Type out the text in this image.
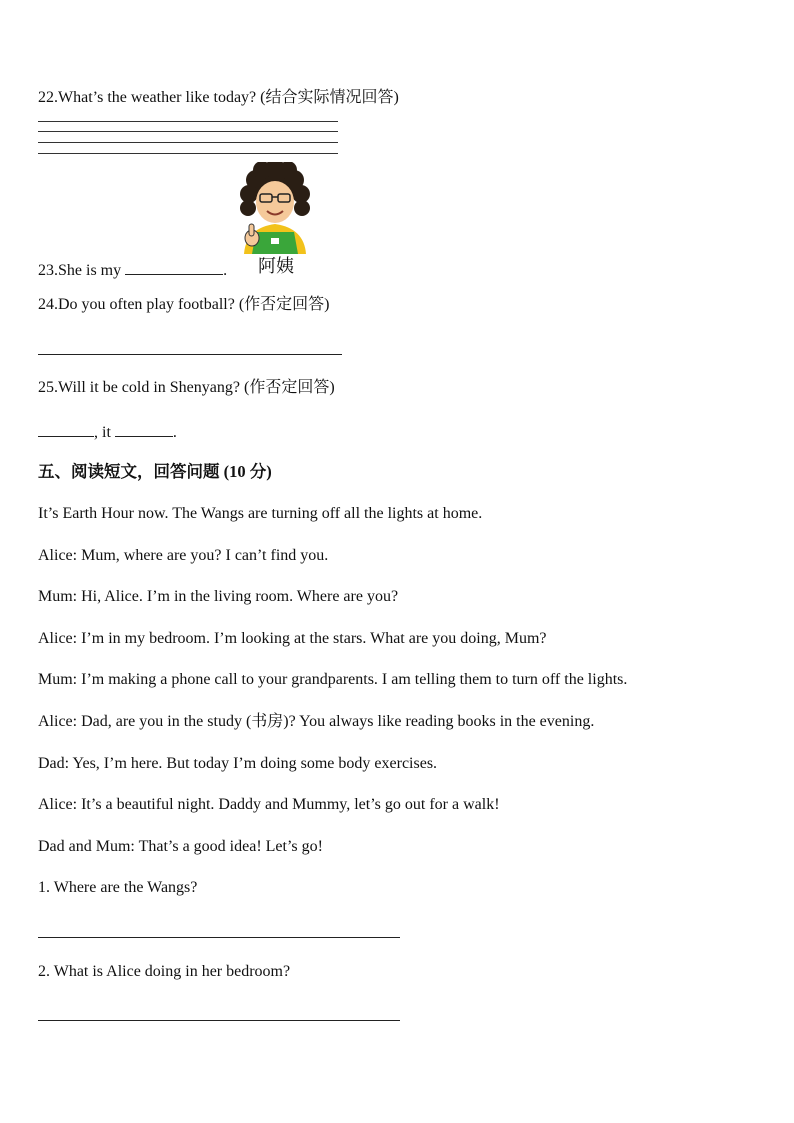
22.What’s the weather like today? (结合实际情况回答)
阿姨
23.She is my	.
24.Do you often play football? (作否定回答)
25.Will it be cold in Shenyang? (作否定回答)
, it	.
五、阅读短文，回答问题 (10 分)
It’s Earth Hour now. The Wangs are turning off all the lights at home.
Alice: Mum, where are you? I can’t find you.
Mum: Hi, Alice. I’m in the living room. Where are you?
Alice: I’m in my bedroom. I’m looking at the stars. What are you doing, Mum?
Mum: I’m making a phone call to your grandparents. I am telling them to turn off the lights.
Alice: Dad, are you in the study (书房)? You always like reading books in the evening.
Dad: Yes, I’m here. But today I’m doing some body exercises.
Alice: It’s a beautiful night. Daddy and Mummy, let’s go out for a walk!
Dad and Mum: That’s a good idea! Let’s go!
1. Where are the Wangs?
2. What is Alice doing in her bedroom?
